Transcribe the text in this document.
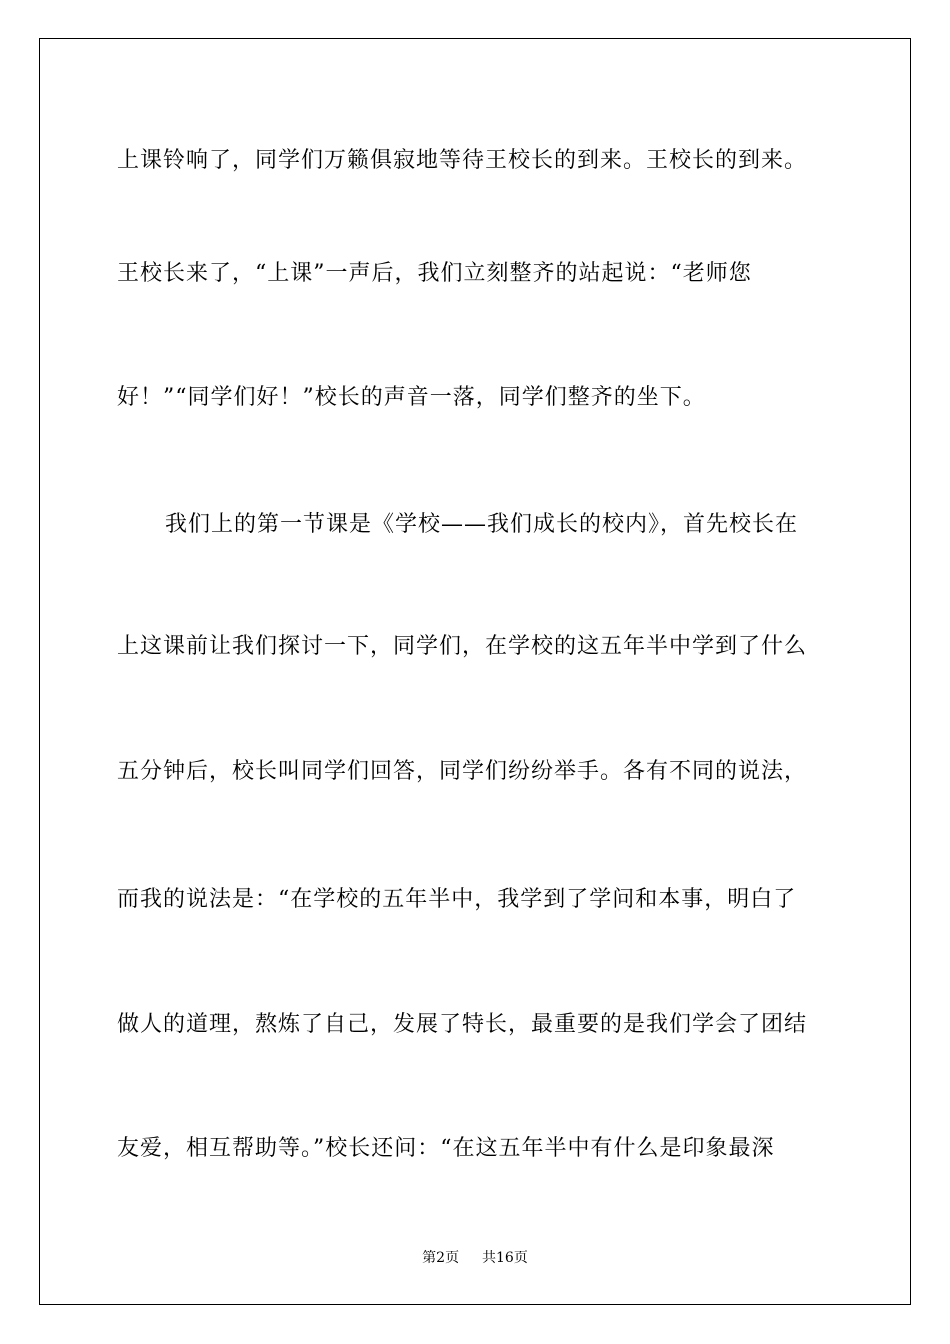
上课铃响了，同学们万籁俱寂地等待王校长的到来。王校长的到来。
王校长来了，“上课”一声后，我们立刻整齐的站起说：“老师您
好！”“同学们好！”校长的声音一落，同学们整齐的坐下。
我们上的第一节课是《学校——我们成长的校内》，首先校长在
上这课前让我们探讨一下，同学们，在学校的这五年半中学到了什么
五分钟后，校长叫同学们回答，同学们纷纷举手。各有不同的说法，
而我的说法是：“在学校的五年半中，我学到了学问和本事，明白了
做人的道理，熬炼了自己，发展了特长，最重要的是我们学会了团结
友爱，相互帮助等。”校长还问：“在这五年半中有什么是印象最深
第2页 共16页
